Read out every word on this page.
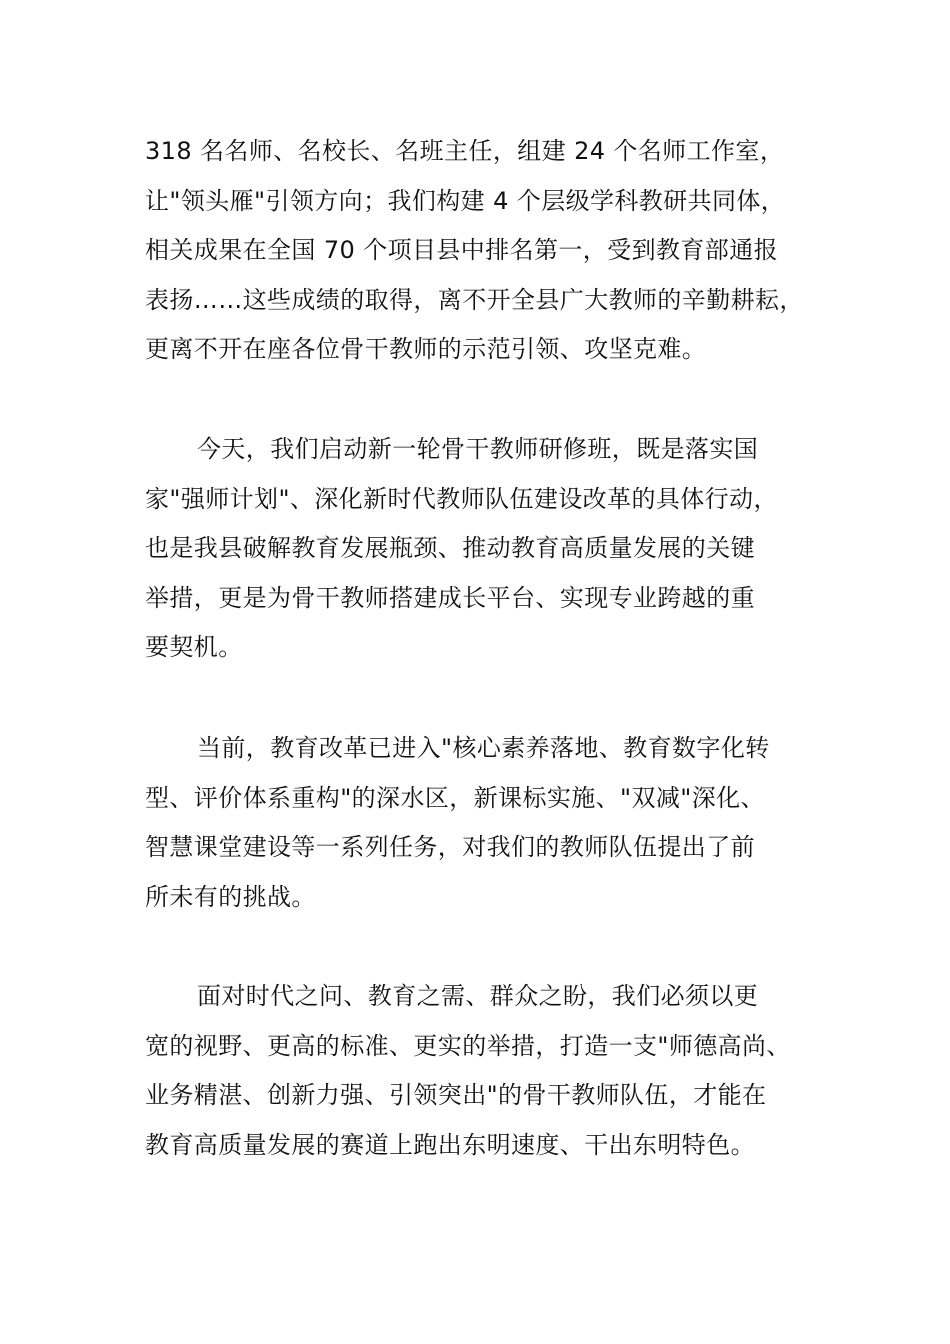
318 名名师、名校长、名班主任，组建 24 个名师工作室，
让"领头雁"引领方向；我们构建 4 个层级学科教研共同体，
相关成果在全国 70 个项目县中排名第一，受到教育部通报
表扬……这些成绩的取得，离不开全县广大教师的辛勤耕耘，
更离不开在座各位骨干教师的示范引领、攻坚克难。
今天，我们启动新一轮骨干教师研修班，既是落实国
家"强师计划"、深化新时代教师队伍建设改革的具体行动，
也是我县破解教育发展瓶颈、推动教育高质量发展的关键
举措，更是为骨干教师搭建成长平台、实现专业跨越的重
要契机。
当前，教育改革已进入"核心素养落地、教育数字化转
型、评价体系重构"的深水区，新课标实施、"双减"深化、
智慧课堂建设等一系列任务，对我们的教师队伍提出了前
所未有的挑战。
面对时代之问、教育之需、群众之盼，我们必须以更
宽的视野、更高的标准、更实的举措，打造一支"师德高尚、
业务精湛、创新力强、引领突出"的骨干教师队伍，才能在
教育高质量发展的赛道上跑出东明速度、干出东明特色。
